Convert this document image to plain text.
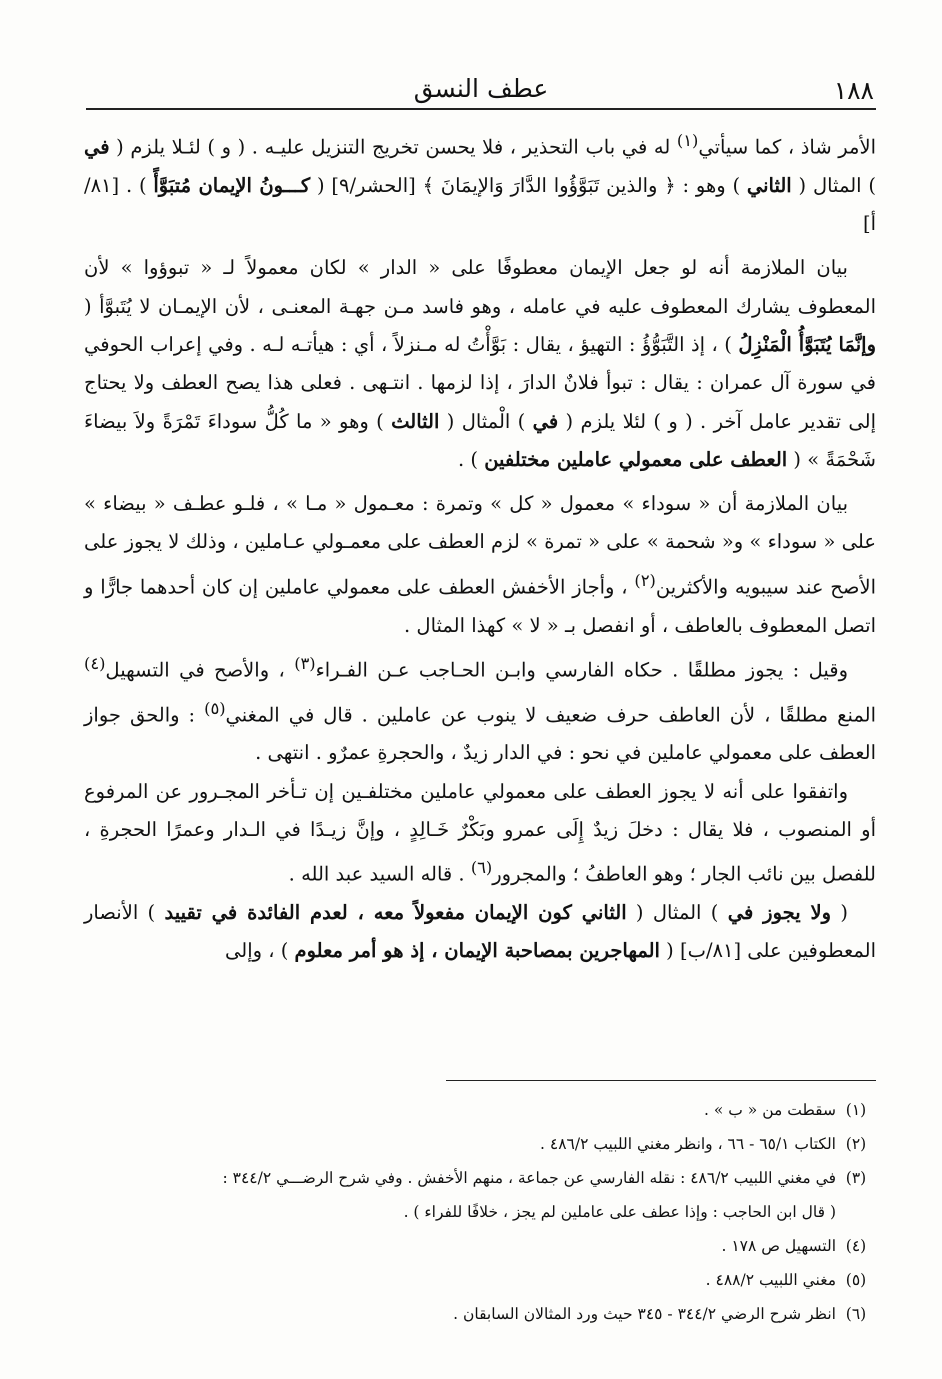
١٨٨
عطف النسق

الأمر شاذ ، كما سيأتي$^{(١)}$ له في باب التحذير ، فلا يحسن تخريج التنزيل عليـه . ( و ) لئـلا يلزم ( في ) المثال ( الثاني ) وهو : ﴿ والذين تَبَوَّؤُوا الدَّارَ وَالإيمَانَ ﴾ [الحشر/٩] ( كـــونُ الإيمان مُتبَوَّأً ) . [٨١/أ]

بيان الملازمة أنه لو جعل الإيمان معطوفًا على « الدار » لكان معمولاً لـ « تبوؤوا » لأن المعطوف يشارك المعطوف عليه في عامله ، وهو فاسد مـن جهـة المعنـى ، لأن الإيمـان لا يُتَبوَّأ ( وإنَّمَا يُتَبَوَّأُ الْمَنْزِلُ ) ، إذ التَّبَوُّؤُ : التهيؤ ، يقال : بَوَّأْتُ له مـنزلاً ، أي : هيأتـه لـه . وفي إعراب الحوفي في سورة آل عمران : يقال : تبوأ فلانٌ الدارَ ، إذا لزمها . انتـهى . فعلى هذا يصح العطف ولا يحتاج إلى تقدير عامل آخر . ( و ) لئلا يلزم ( في ) الْمثال ( الثالث ) وهو « ما كُلُّ سوداءَ تَمْرَةً ولاَ بيضاءَ شَحْمَةً » ( العطف على معمولي عاملين مختلفين ) .

بيان الملازمة أن « سوداء » معمول « كل » وتمرة : معـمول « مـا » ، فلـو عطـف « بيضاء » على « سوداء » و« شحمة » على « تمرة » لزم العطف على معمـولي عـاملين ، وذلك لا يجوز على الأصح عند سيبويه والأكثرين$^{(٢)}$ ، وأجاز الأخفش العطف على معمولي عاملين إن كان أحدهما جارًّا و اتصل المعطوف بالعاطف ، أو انفصل بـ « لا » كهذا المثال .

وقيل : يجوز مطلقًا . حكاه الفارسي وابـن الحـاجب عـن الفـراء$^{(٣)}$ ، والأصح في التسهيل$^{(٤)}$ المنع مطلقًا ، لأن العاطف حرف ضعيف لا ينوب عن عاملين . قال في المغني$^{(٥)}$ : والحق جواز العطف على معمولي عاملين في نحو : في الدار زيدٌ ، والحجرةِ عمرٌو . انتهى .

واتفقوا على أنه لا يجوز العطف على معمولي عاملين مختلفـين إن تـأخر المجـرور عن المرفوع أو المنصوب ، فلا يقال : دخلَ زيدٌ إِلَى عمرو وبَكْرٌ خَـالِدٍ ، وإنَّ زيـدًا في الـدار وعمرًا الحجرةِ ، للفصل بين نائب الجار ؛ وهو العاطفُ ؛ والمجرور$^{(٦)}$ . قاله السيد عبد الله .

( ولا يجوز في ) المثال ( الثاني كون الإيمان مفعولاً معه ، لعدم الفائدة في تقييد ) الأنصار المعطوفين على [٨١/ب] ( المهاجرين بمصاحبة الإيمان ، إذ هو أمر معلوم ) ، وإلى

(١)
سقطت من « ب » .
(٢)
الكتاب ٦٥/١ - ٦٦ ، وانظر مغني اللبيب ٤٨٦/٢ .
(٣)
في مغني اللبيب ٤٨٦/٢ : نقله الفارسي عن جماعة ، منهم الأخفش . وفي شرح الرضـــي ٣٤٤/٢ :
( قال ابن الحاجب : وإذا عطف على عاملين لم يجز ، خلافًا للفراء ) .
(٤)
التسهيل ص ١٧٨ .
(٥)
مغني اللبيب ٤٨٨/٢ .
(٦)
انظر شرح الرضي ٣٤٤/٢ - ٣٤٥ حيث ورد المثالان السابقان .
